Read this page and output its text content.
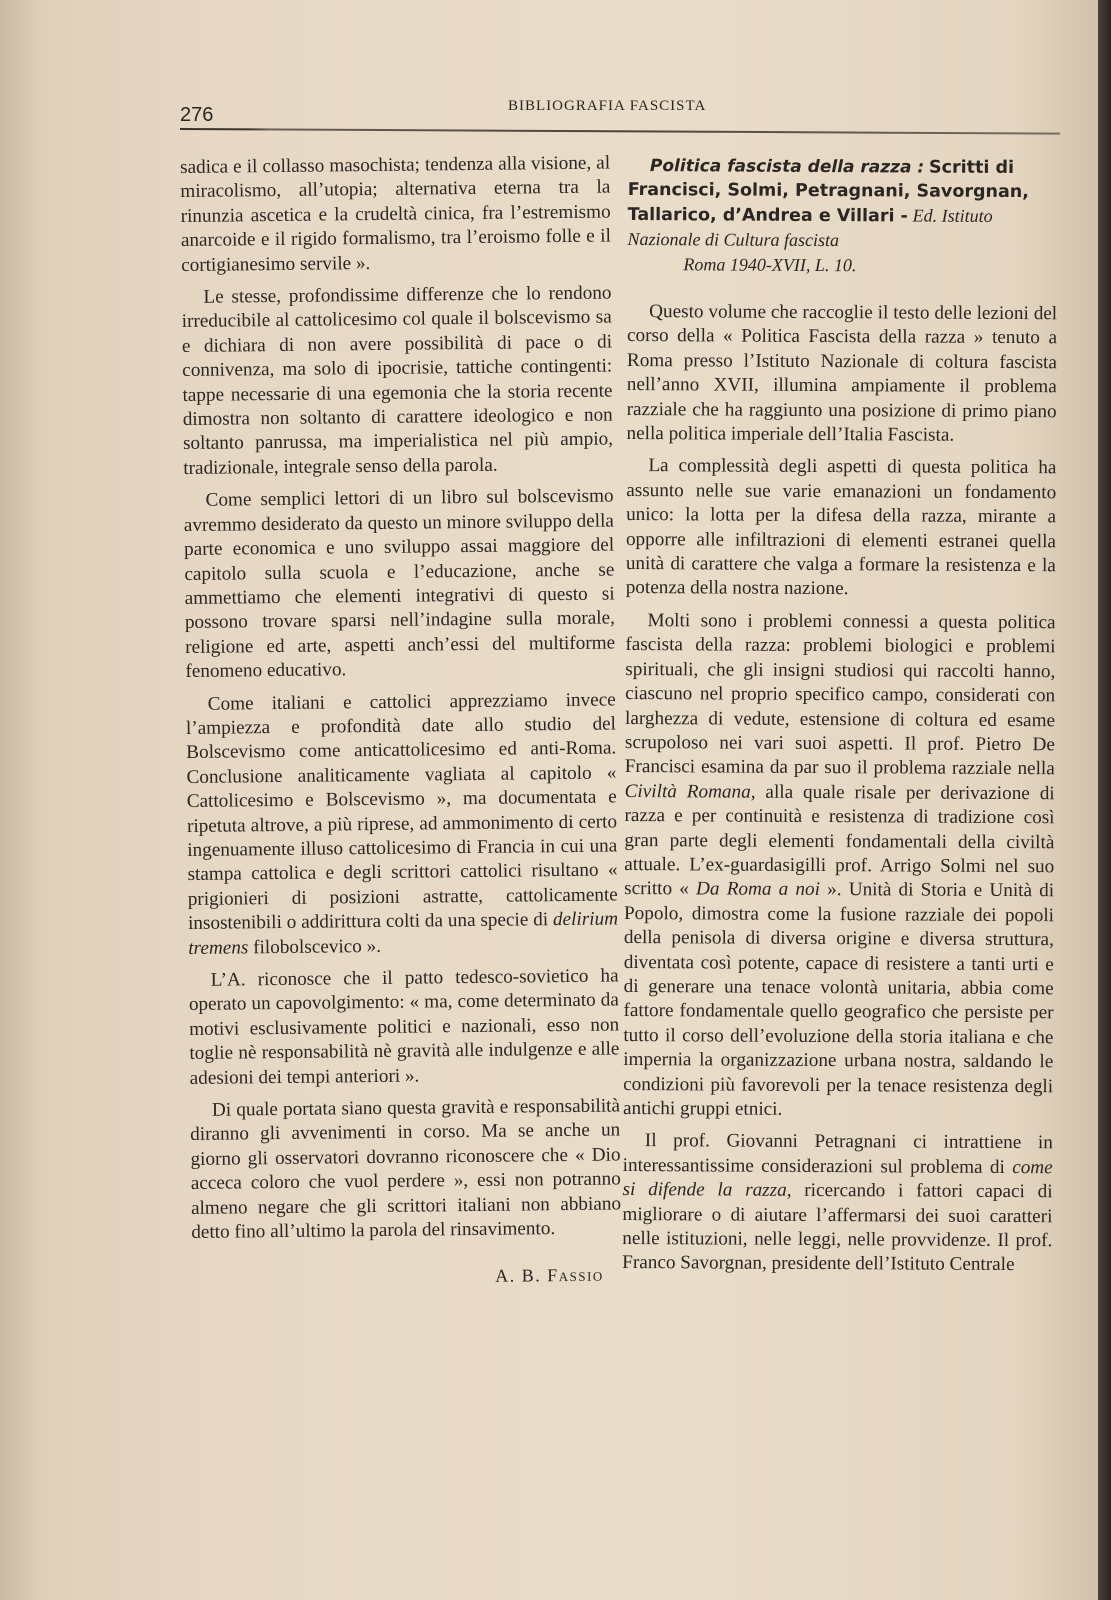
276	BIBLIOGRAFIA FASCISTA

sadica e il collasso masochista; tendenza alla visione, al miracolismo, all’utopia; alternativa eterna tra la rinunzia ascetica e la crudeltà cinica, fra l’estremismo anarcoide e il rigido formalismo, tra l’eroismo folle e il cortigianesimo servile ».

Le stesse, profondissime differenze che lo rendono irreducibile al cattolicesimo col quale il bolscevismo sa e dichiara di non avere possibilità di pace o di connivenza, ma solo di ipocrisie, tattiche contingenti: tappe necessarie di una egemonia che la storia recente dimostra non soltanto di carattere ideologico e non soltanto panrussa, ma imperialistica nel più ampio, tradizionale, integrale senso della parola.

Come semplici lettori di un libro sul bolscevismo avremmo desiderato da questo un minore sviluppo della parte economica e uno sviluppo assai maggiore del capitolo sulla scuola e l’educazione, anche se ammettiamo che elementi integrativi di questo si possono trovare sparsi nell’indagine sulla morale, religione ed arte, aspetti anch’essi del multiforme fenomeno educativo.

Come italiani e cattolici apprezziamo invece l’ampiezza e profondità date allo studio del Bolscevismo come anticattolicesimo ed anti-Roma. Conclusione analiticamente vagliata al capitolo « Cattolicesimo e Bolscevismo », ma documentata e ripetuta altrove, a più riprese, ad ammonimento di certo ingenuamente illuso cattolicesimo di Francia in cui una stampa cattolica e degli scrittori cattolici risultano « prigionieri di posizioni astratte, cattolicamente insostenibili o addirittura colti da una specie di delirium tremens filobolscevico ».

L’A. riconosce che il patto tedesco-sovietico ha operato un capovolgimento: « ma, come determinato da motivi esclusivamente politici e nazionali, esso non toglie nè responsabilità nè gravità alle indulgenze e alle adesioni dei tempi anteriori ».

Di quale portata siano questa gravità e responsabilità diranno gli avvenimenti in corso. Ma se anche un giorno gli osservatori dovranno riconoscere che « Dio acceca coloro che vuol perdere », essi non potranno almeno negare che gli scrittori italiani non abbiano detto fino all’ultimo la parola del rinsavimento.

A. B. Fassio

Politica fascista della razza : Scritti di Francisci, Solmi, Petragnani, Savorgnan, Tallarico, d’Andrea e Villari - Ed. Istituto Nazionale di Cultura fascista
Roma 1940-XVII, L. 10.

Questo volume che raccoglie il testo delle lezioni del corso della « Politica Fascista della razza » tenuto a Roma presso l’Istituto Nazionale di coltura fascista nell’anno XVII, illumina ampiamente il problema razziale che ha raggiunto una posizione di primo piano nella politica imperiale dell’Italia Fascista.

La complessità degli aspetti di questa politica ha assunto nelle sue varie emanazioni un fondamento unico: la lotta per la difesa della razza, mirante a opporre alle infiltrazioni di elementi estranei quella unità di carattere che valga a formare la resistenza e la potenza della nostra nazione.

Molti sono i problemi connessi a questa politica fascista della razza: problemi biologici e problemi spirituali, che gli insigni studiosi qui raccolti hanno, ciascuno nel proprio specifico campo, considerati con larghezza di vedute, estensione di coltura ed esame scrupoloso nei vari suoi aspetti. Il prof. Pietro De Francisci esamina da par suo il problema razziale nella Civiltà Romana, alla quale risale per derivazione di razza e per continuità e resistenza di tradizione così gran parte degli elementi fondamentali della civiltà attuale. L’ex-guardasigilli prof. Arrigo Solmi nel suo scritto « Da Roma a noi ». Unità di Storia e Unità di Popolo, dimostra come la fusione razziale dei popoli della penisola di diversa origine e diversa struttura, diventata così potente, capace di resistere a tanti urti e di generare una tenace volontà unitaria, abbia come fattore fondamentale quello geografico che persiste per tutto il corso dell’evoluzione della storia italiana e che impernia la organizzazione urbana nostra, saldando le condizioni più favorevoli per la tenace resistenza degli antichi gruppi etnici.

Il prof. Giovanni Petragnani ci intrattiene in interessantissime considerazioni sul problema di come si difende la razza, ricercando i fattori capaci di migliorare o di aiutare l’affermarsi dei suoi caratteri nelle istituzioni, nelle leggi, nelle provvidenze. Il prof. Franco Savorgnan, presidente dell’Istituto Centrale
